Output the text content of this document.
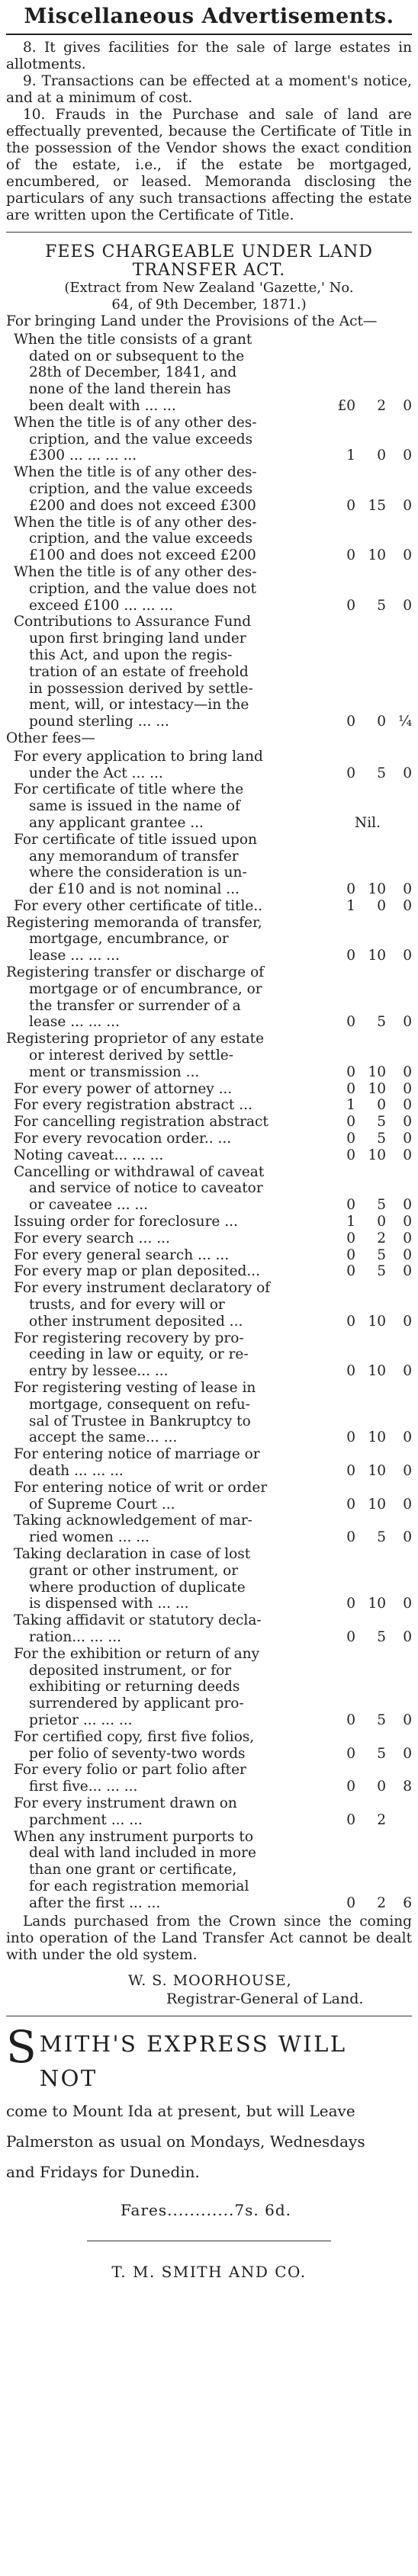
Miscellaneous Advertisements.
8. It gives facilities for the sale of large estates in allotments.
9. Transactions can be effected at a moment's notice, and at a minimum of cost.
10. Frauds in the Purchase and sale of land are effectually prevented, because the Certificate of Title in the possession of the Vendor shows the exact condition of the estate, i.e., if the estate be mortgaged, encumbered, or leased. Memoranda disclosing the particulars of any such transactions affecting the estate are written upon the Certificate of Title.
FEES CHARGEABLE UNDER LAND
TRANSFER ACT.
(Extract from New Zealand 'Gazette,' No.
64, of 9th December, 1871.)
For bringing Land under the Provisions of the Act—
When the title consists of a grant
dated on or subsequent to the
28th of December, 1841, and
none of the land therein has
been dealt with ... ...	£0	2	0
When the title is of any other des-
cription, and the value exceeds
£300 ... ... ... ...	1	0	0
When the title is of any other des-
cription, and the value exceeds
£200 and does not exceed £300	0 15	0
When the title is of any other des-
cription, and the value exceeds
£100 and does not exceed £200	0 10	0
When the title is of any other des-
cription, and the value does not
exceed £100 ... ... ...	0	5	0
Contributions to Assurance Fund
upon first bringing land under
this Act, and upon the regis-
tration of an estate of freehold
in possession derived by settle-
ment, will, or intestacy—in the
pound sterling ... ...	0	0 ¼
Other fees—
For every application to bring land
under the Act ... ...	0	5	0
For certificate of title where the
same is issued in the name of
any applicant grantee ...	Nil.
For certificate of title issued upon
any memorandum of transfer
where the consideration is un-
der £10 and is not nominal ...	0 10	0
For every other certificate of title..	1	0	0
Registering memoranda of transfer,
mortgage, encumbrance, or
lease ... ... ...	0 10	0
Registering transfer or discharge of
mortgage or of encumbrance, or
the transfer or surrender of a
lease ... ... ...	0	5	0
Registering proprietor of any estate
or interest derived by settle-
ment or transmission ...	0 10	0
For every power of attorney ...	0 10	0
For every registration abstract ...	1	0	0
For cancelling registration abstract	0	5	0
For every revocation order.. ...	0	5	0
Noting caveat... ... ...	0 10	0
Cancelling or withdrawal of caveat
and service of notice to caveator
or caveatee ... ...	0	5	0
Issuing order for foreclosure ...	1	0	0
For every search ... ...	0	2	0
For every general search ... ...	0	5	0
For every map or plan deposited...	0	5	0
For every instrument declaratory of
trusts, and for every will or
other instrument deposited ...	0 10	0
For registering recovery by pro-
ceeding in law or equity, or re-
entry by lessee... ...	0 10	0
For registering vesting of lease in
mortgage, consequent on refu-
sal of Trustee in Bankruptcy to
accept the same... ...	0 10	0
For entering notice of marriage or
death ... ... ...	0 10	0
For entering notice of writ or order
of Supreme Court ...	0 10	0
Taking acknowledgement of mar-
ried women ... ...	0	5	0
Taking declaration in case of lost
grant or other instrument, or
where production of duplicate
is dispensed with ... ...	0 10	0
Taking affidavit or statutory decla-
ration... ... ...	0	5	0
For the exhibition or return of any
deposited instrument, or for
exhibiting or returning deeds
surrendered by applicant pro-
prietor ... ... ...	0	5	0
For certified copy, first five folios,
per folio of seventy-two words	0	5	0
For every folio or part folio after
first five... ... ...	0	0	8
For every instrument drawn on
parchment ... ...	0	2
When any instrument purports to
deal with land included in more
than one grant or certificate,
for each registration memorial
after the first ... ...	0	2	6
Lands purchased from the Crown since the coming into operation of the Land Transfer Act cannot be dealt with under the old system.
W. S. MOORHOUSE,
Registrar-General of Land.
S MITH'S EXPRESS WILL NOT
come to Mount Ida at present, but will Leave
Palmerston as usual on Mondays, Wednesdays
and Fridays for Dunedin.
Fares............7s. 6d.
T. M. SMITH AND CO.
